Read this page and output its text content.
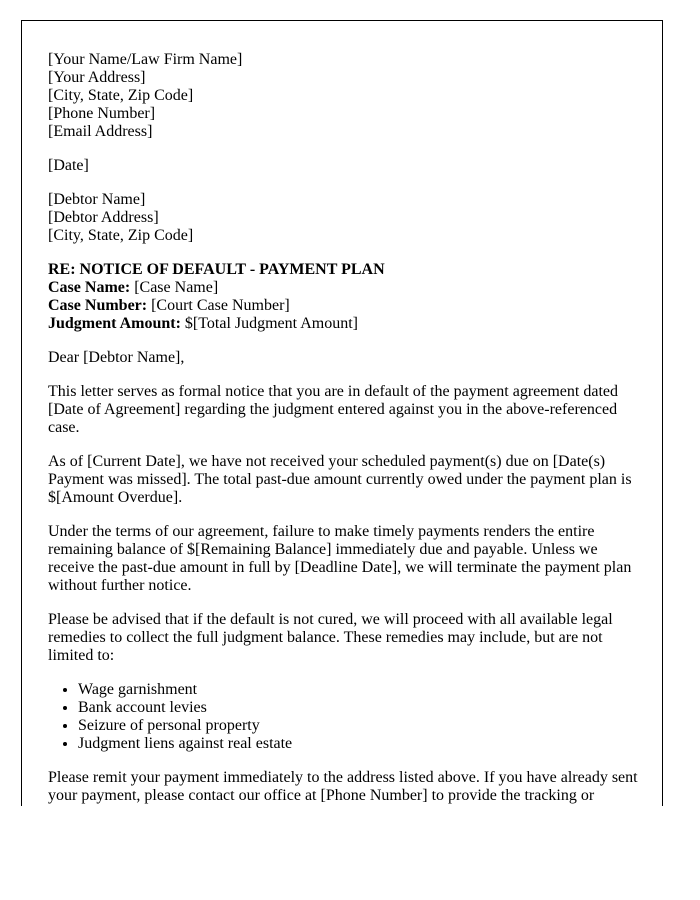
[Your Name/Law Firm Name]
[Your Address]
[City, State, Zip Code]
[Phone Number]
[Email Address]

[Date]

[Debtor Name]
[Debtor Address]
[City, State, Zip Code]

RE: NOTICE OF DEFAULT - PAYMENT PLAN
Case Name: [Case Name]
Case Number: [Court Case Number]
Judgment Amount: $[Total Judgment Amount]

Dear [Debtor Name],

This letter serves as formal notice that you are in default of the payment agreement dated [Date of Agreement] regarding the judgment entered against you in the above-referenced case.

As of [Current Date], we have not received your scheduled payment(s) due on [Date(s) Payment was missed]. The total past-due amount currently owed under the payment plan is $[Amount Overdue].

Under the terms of our agreement, failure to make timely payments renders the entire remaining balance of $[Remaining Balance] immediately due and payable. Unless we receive the past-due amount in full by [Deadline Date], we will terminate the payment plan without further notice.

Please be advised that if the default is not cured, we will proceed with all available legal remedies to collect the full judgment balance. These remedies may include, but are not limited to:

• Wage garnishment
• Bank account levies
• Seizure of personal property
• Judgment liens against real estate

Please remit your payment immediately to the address listed above. If you have already sent your payment, please contact our office at [Phone Number] to provide the tracking or
